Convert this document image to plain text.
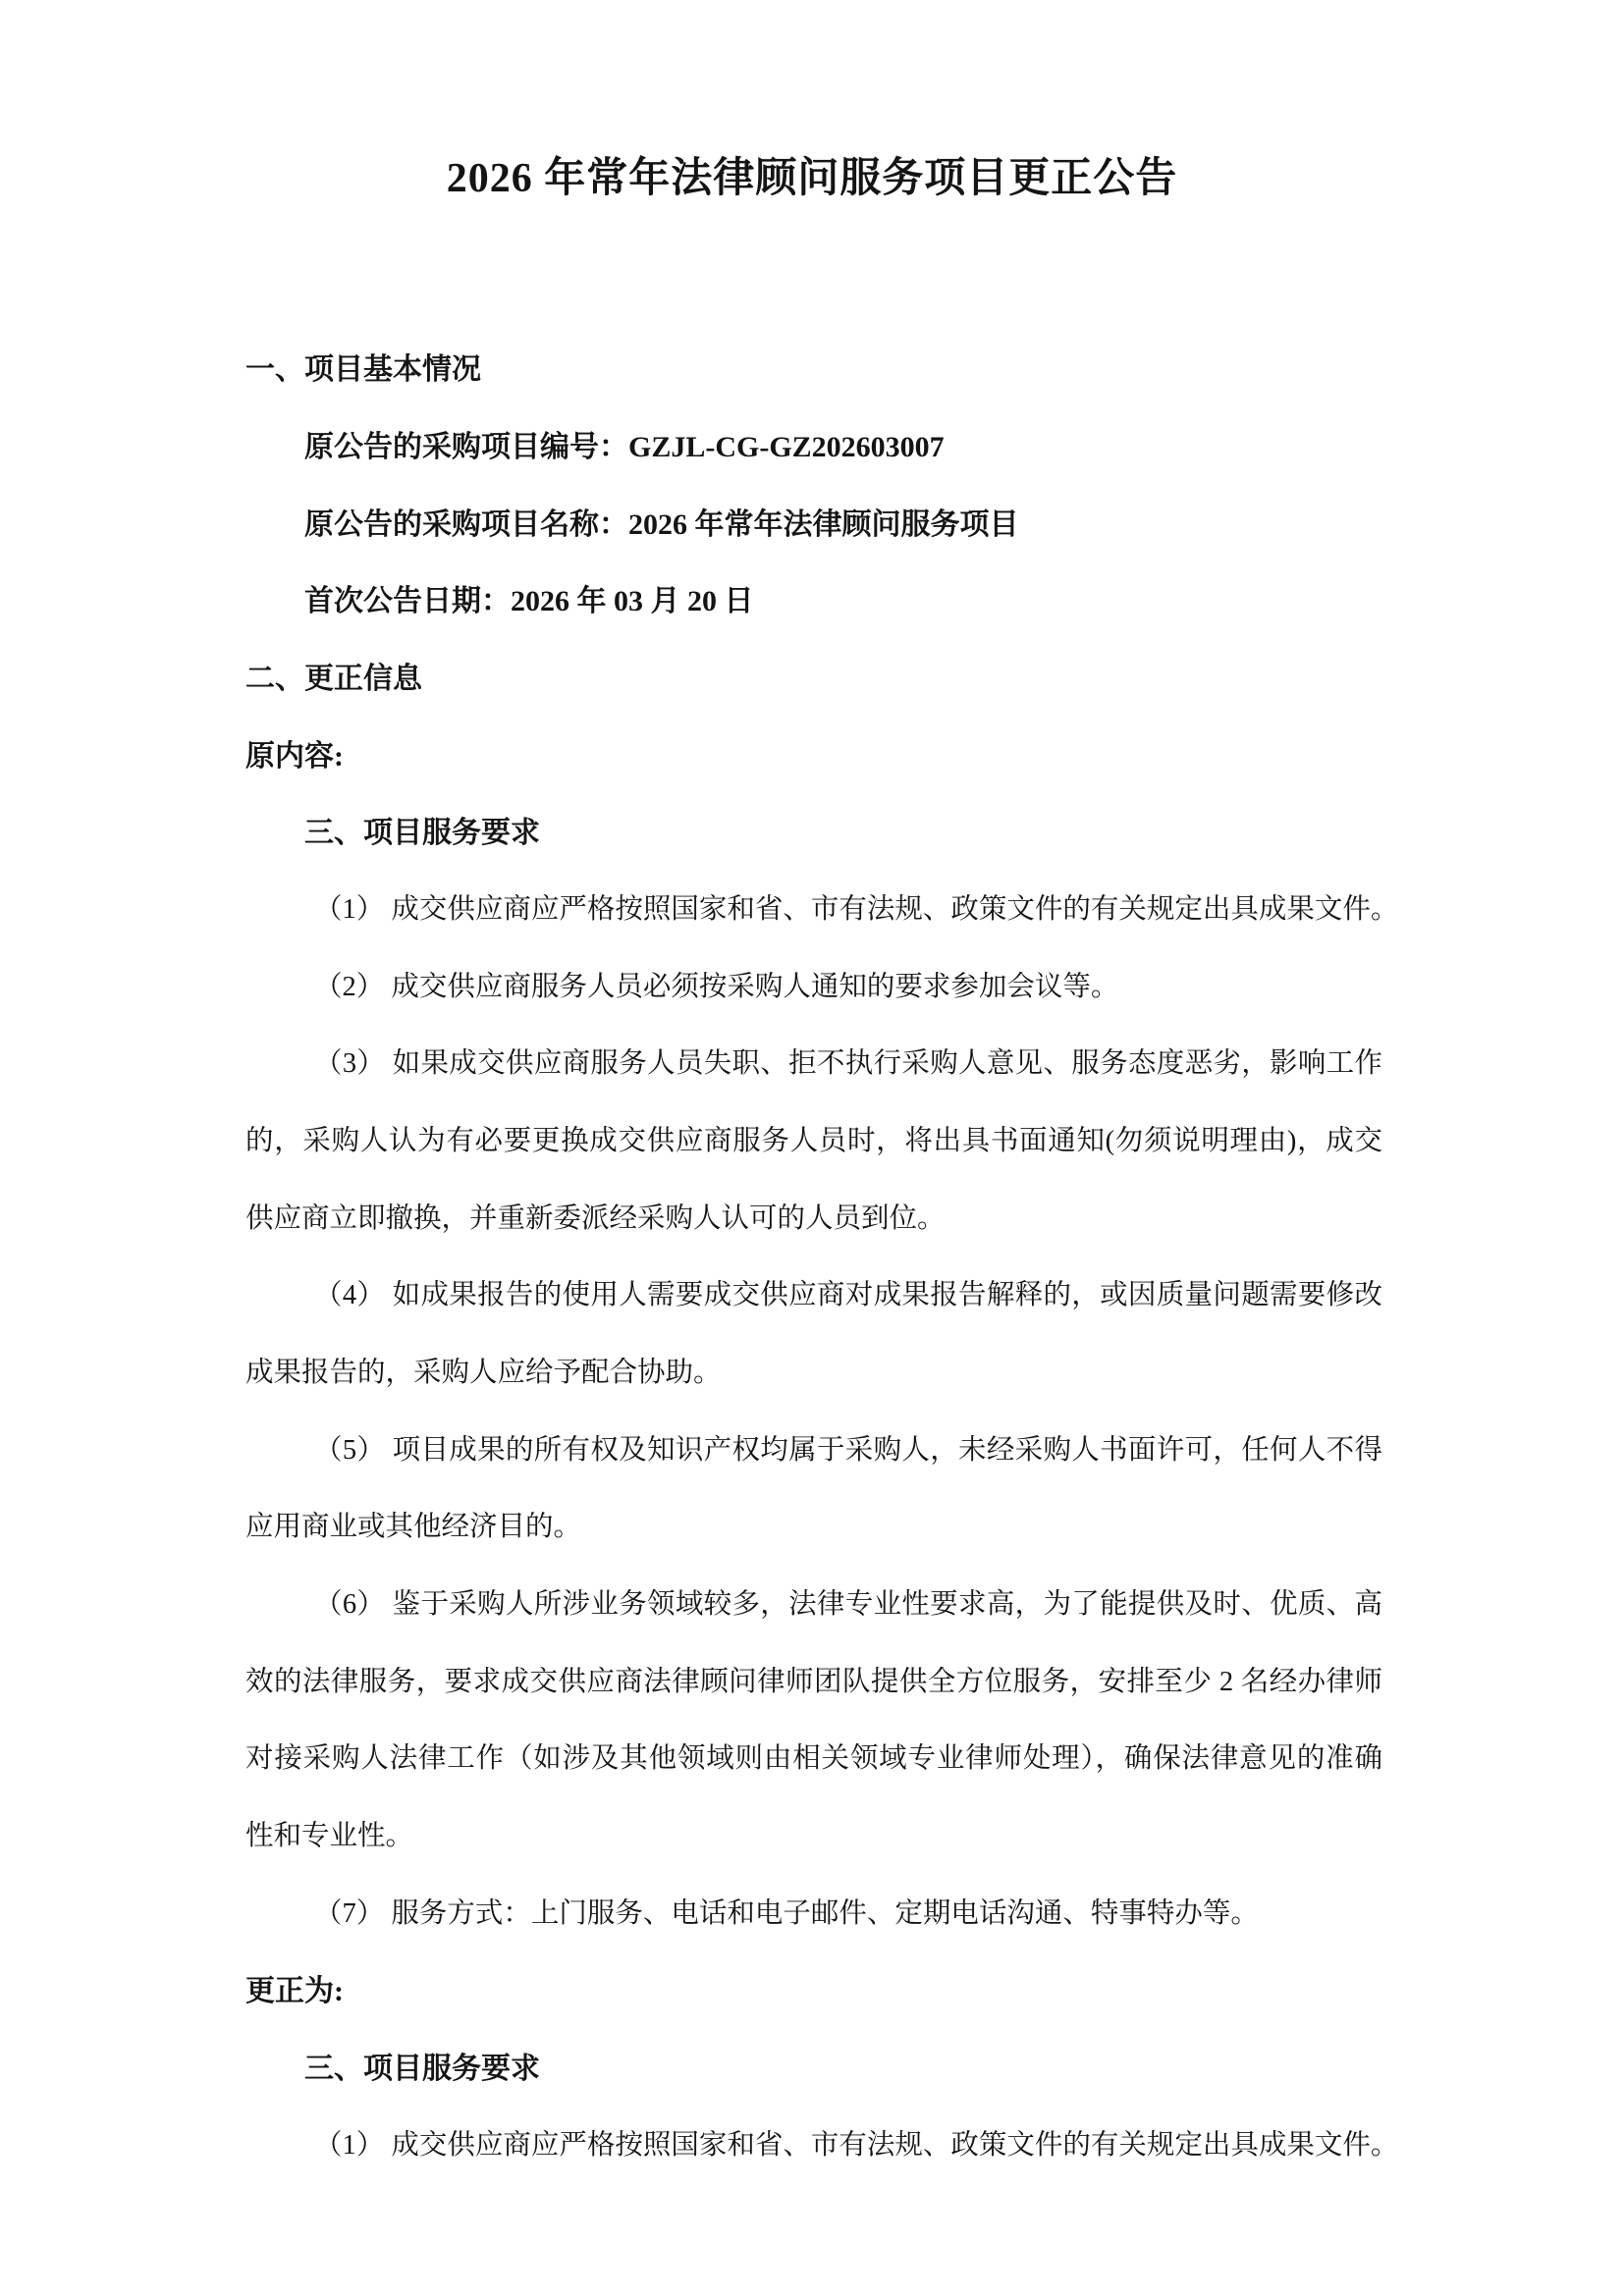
2026 年常年法律顾问服务项目更正公告
一、项目基本情况
原公告的采购项目编号：GZJL-CG-GZ202603007
原公告的采购项目名称：2026 年常年法律顾问服务项目
首次公告日期：2026 年 03 月 20 日
二、更正信息
原内容:
三、项目服务要求
（1） 成交供应商应严格按照国家和省、市有法规、政策文件的有关规定出具成果文件。
（2） 成交供应商服务人员必须按采购人通知的要求参加会议等。
（3） 如果成交供应商服务人员失职、拒不执行采购人意见、服务态度恶劣，影响工作
的，采购人认为有必要更换成交供应商服务人员时，将出具书面通知(勿须说明理由)，成交
供应商立即撤换，并重新委派经采购人认可的人员到位。
（4） 如成果报告的使用人需要成交供应商对成果报告解释的，或因质量问题需要修改
成果报告的，采购人应给予配合协助。
（5） 项目成果的所有权及知识产权均属于采购人，未经采购人书面许可，任何人不得
应用商业或其他经济目的。
（6） 鉴于采购人所涉业务领域较多，法律专业性要求高，为了能提供及时、优质、高
效的法律服务，要求成交供应商法律顾问律师团队提供全方位服务，安排至少 2 名经办律师
对接采购人法律工作（如涉及其他领域则由相关领域专业律师处理），确保法律意见的准确
性和专业性。
（7） 服务方式：上门服务、电话和电子邮件、定期电话沟通、特事特办等。
更正为:
三、项目服务要求
（1） 成交供应商应严格按照国家和省、市有法规、政策文件的有关规定出具成果文件。
